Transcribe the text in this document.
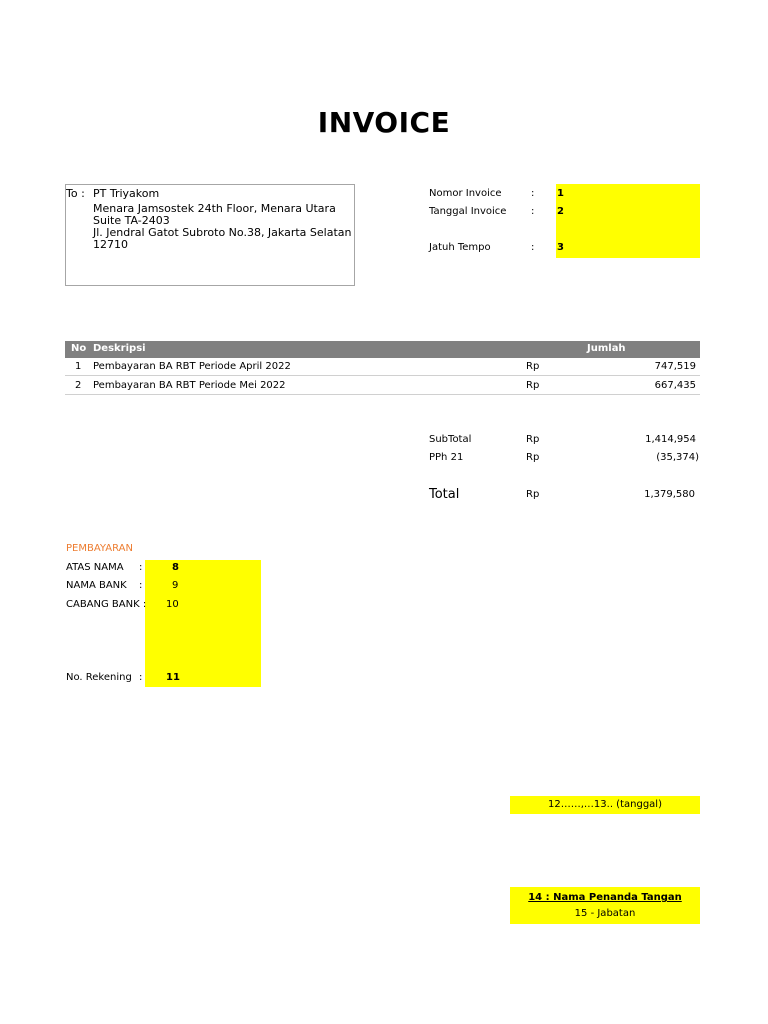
INVOICE
To : PT Triyakom
Menara Jamsostek 24th Floor, Menara Utara
Suite TA-2403
Jl. Jendral Gatot Subroto No.38, Jakarta Selatan
12710
Nomor Invoice	: 1
Tanggal Invoice : 2
Jatuh Tempo	: 3
No Deskripsi	Jumlah
1 Pembayaran BA RBT Periode April 2022	Rp	747,519
2 Pembayaran BA RBT Periode Mei 2022	Rp	667,435
SubTotal	Rp	1,414,954
PPh 21	Rp	(35,374)
Total	Rp	1,379,580
PEMBAYARAN
ATAS NAMA :	8
NAMA BANK :	9
CABANG BANK : 10
No. Rekening : 11
12……,…13.. (tanggal)
14 : Nama Penanda Tangan
15 - Jabatan
